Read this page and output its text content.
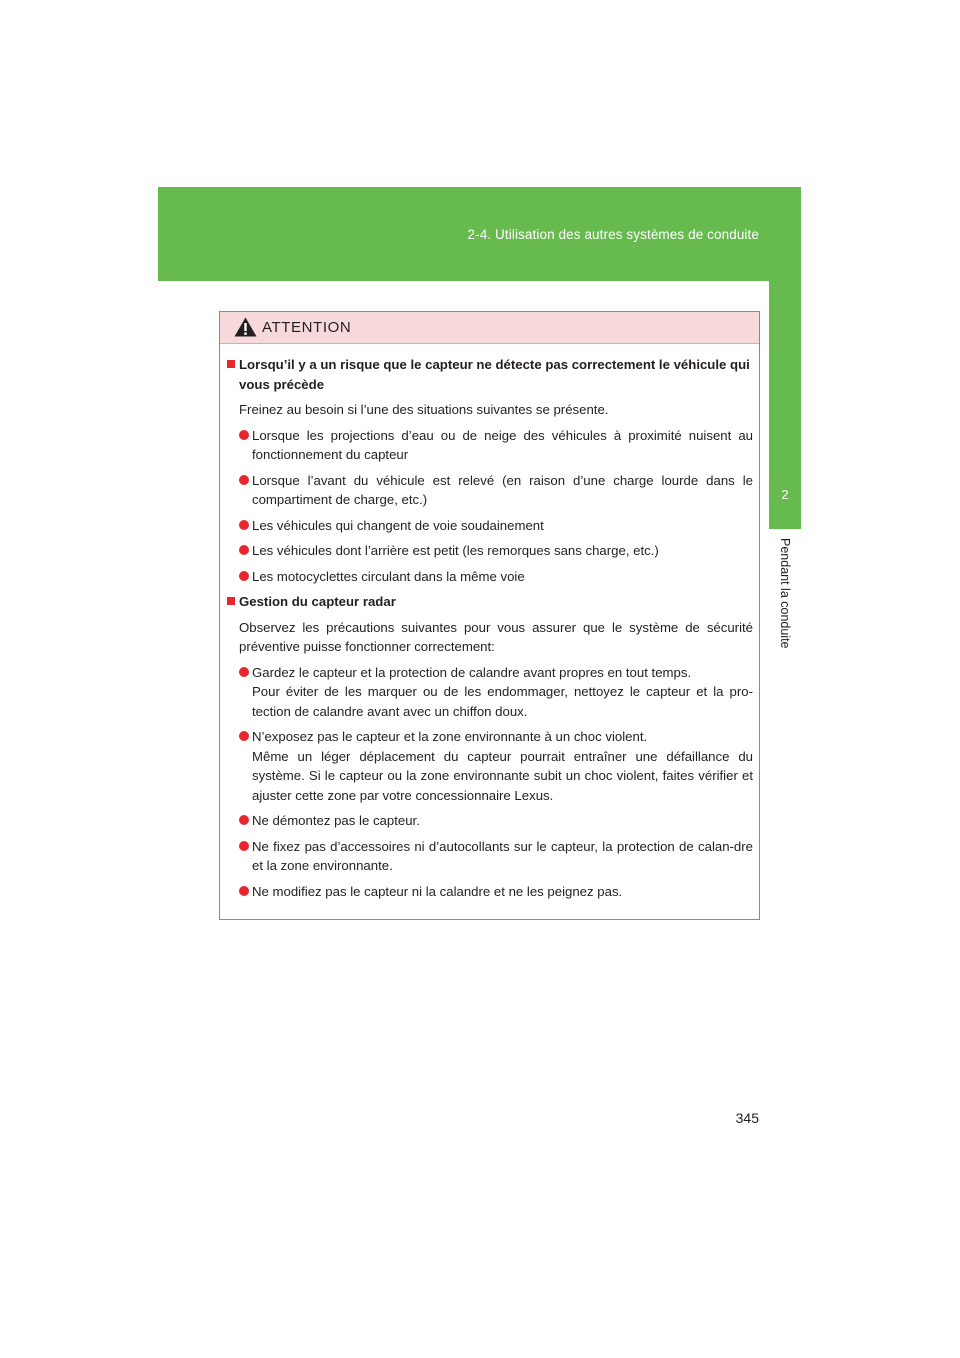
2-4. Utilisation des autres systèmes de conduite
2
Pendant la conduite
ATTENTION
Lorsqu’il y a un risque que le capteur ne détecte pas correctement le véhicule qui vous précède
Freinez au besoin si l’une des situations suivantes se présente.
Lorsque les projections d’eau ou de neige des véhicules à proximité nuisent au fonctionnement du capteur
Lorsque l’avant du véhicule est relevé (en raison d’une charge lourde dans le compartiment de charge, etc.)
Les véhicules qui changent de voie soudainement
Les véhicules dont l’arrière est petit (les remorques sans charge, etc.)
Les motocyclettes circulant dans la même voie
Gestion du capteur radar
Observez les précautions suivantes pour vous assurer que le système de sécurité préventive puisse fonctionner correctement:
Gardez le capteur et la protection de calandre avant propres en tout temps.
Pour éviter de les marquer ou de les endommager, nettoyez le capteur et la pro-tection de calandre avant avec un chiffon doux.
N’exposez pas le capteur et la zone environnante à un choc violent.
Même un léger déplacement du capteur pourrait entraîner une défaillance du système. Si le capteur ou la zone environnante subit un choc violent, faites vérifier et ajuster cette zone par votre concessionnaire Lexus.
Ne démontez pas le capteur.
Ne fixez pas d’accessoires ni d’autocollants sur le capteur, la protection de calan-dre et la zone environnante.
Ne modifiez pas le capteur ni la calandre et ne les peignez pas.
345
